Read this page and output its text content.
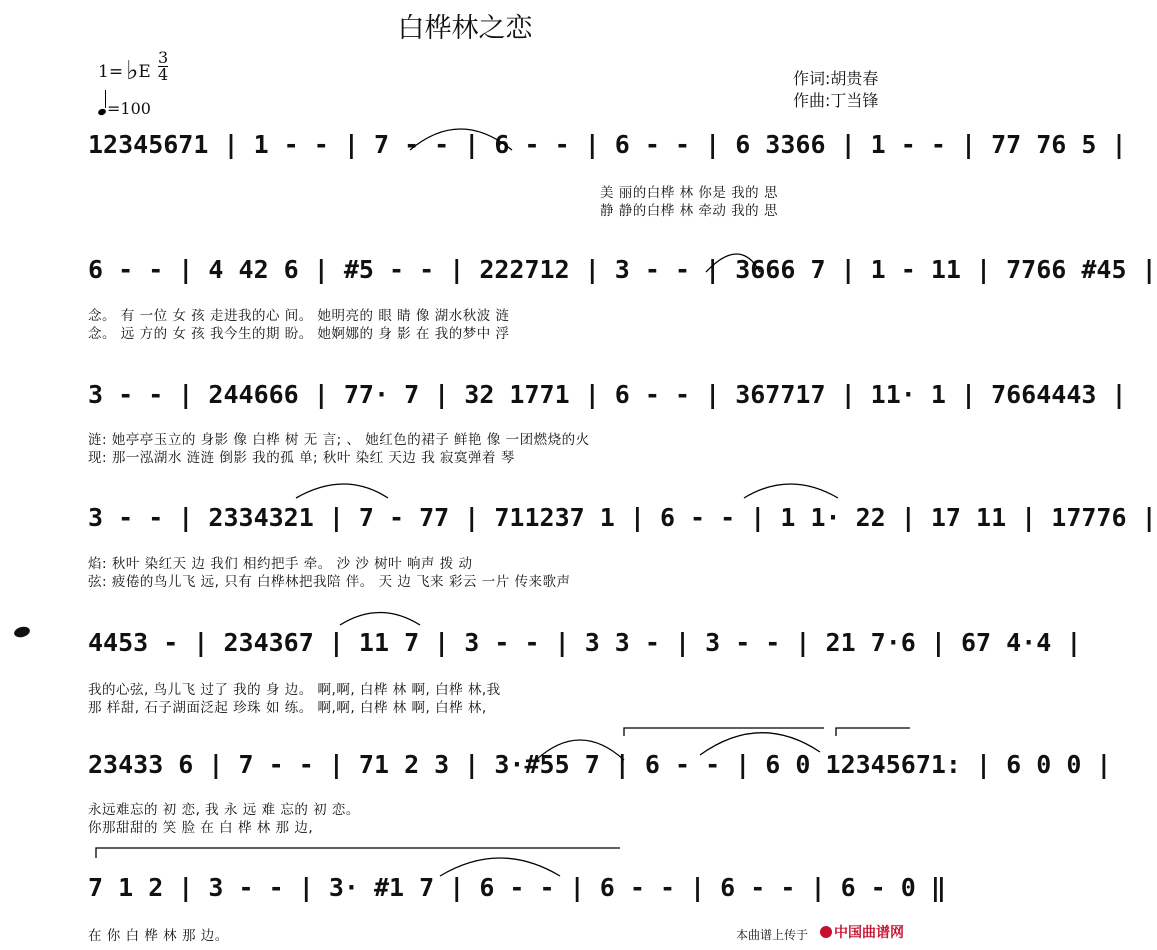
白桦林之恋
1= ♭E
3
4
=100
作词:胡贵春
作曲:丁当锋
12345671 | 1 - - | 7 - - | 6 - - | 6 - - | 6 3366 | 1 - - | 77 76 5 |
美 丽的白桦 林 你是 我的 思
静 静的白桦 林 牵动 我的 思
6 - - | 4 42 6 | #5 - - | 222712 | 3 - - | 3666 7 | 1 - 11 | 7766 #45 |
念。 有 一位 女 孩 走进我的心 间。 她明亮的 眼 睛 像 湖水秋波 涟
念。 远 方的 女 孩 我今生的期 盼。 她婀娜的 身 影 在 我的梦中 浮
3 - - | 244666 | 77· 7 | 32 1771 | 6 - - | 367717 | 11· 1 | 7664443 |
涟: 她亭亭玉立的 身影 像 白桦 树 无 言; 、 她红色的裙子 鲜艳 像 一团燃烧的火
现: 那一泓湖水 涟涟 倒影 我的孤 单; 秋叶 染红 天边 我 寂寞弹着 琴
3 - - | 2334321 | 7 - 77 | 711237 1 | 6 - - | 1 1· 22 | 17 11 | 17776 |
焰: 秋叶 染红天 边 我们 相约把手 牵。 沙 沙 树叶 响声 拨 动
弦: 疲倦的鸟儿飞 远, 只有 白桦林把我陪 伴。 天 边 飞来 彩云 一片 传来歌声
4453 - | 234367 | 11 7 | 3 - - | 3 3 - | 3 - - | 21 7·6 | 67 4·4 |
我的心弦, 鸟儿飞 过了 我的 身 边。 啊,啊, 白桦 林 啊, 白桦 林,我
那 样甜, 石子湖面泛起 珍珠 如 练。 啊,啊, 白桦 林 啊, 白桦 林,
23433 6 | 7 - - | 71 2 3 | 3·#55 7 | 6 - - | 6 0 12345671: | 6 0 0 |
永远难忘的 初 恋, 我 永 远 难 忘的 初 恋。
你那甜甜的 笑 脸 在 白 桦 林 那 边,
7 1 2 | 3 - - | 3· #1 7 | 6 - - | 6 - - | 6 - - | 6 - 0 ‖
在 你 白 桦 林 那 边。	本曲谱上传于	中国曲谱网
